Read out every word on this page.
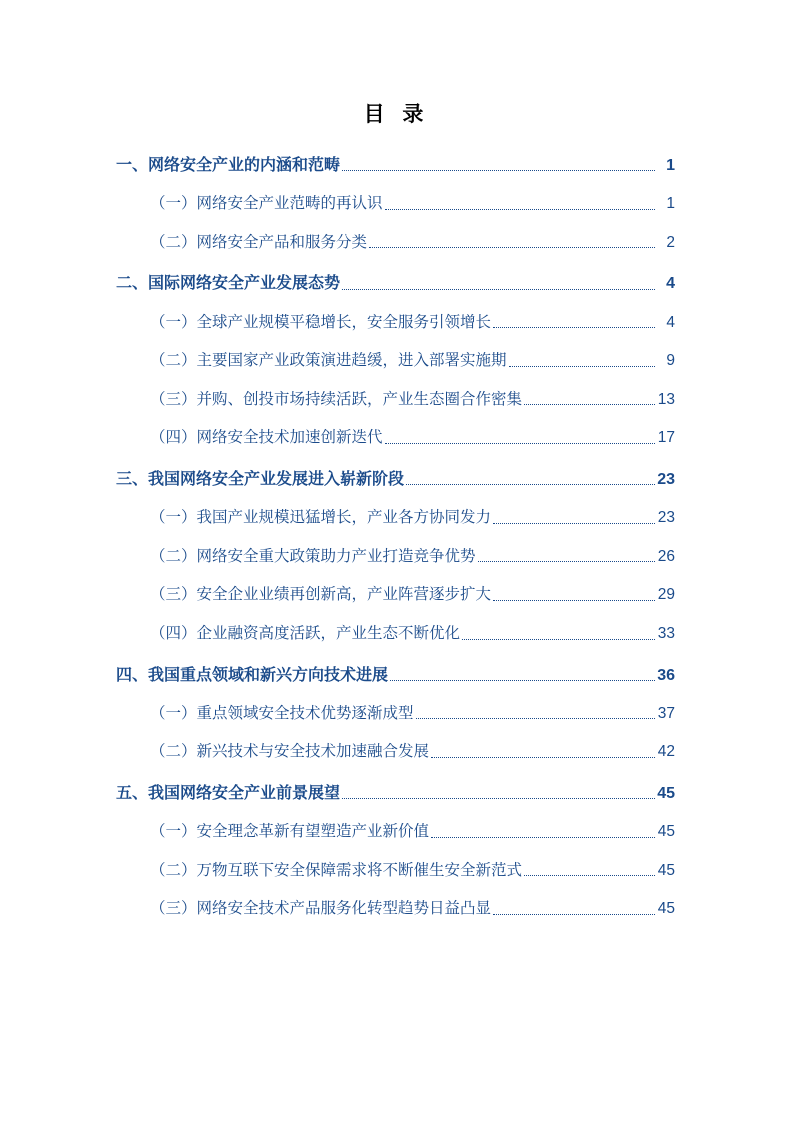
目 录
一、网络安全产业的内涵和范畴	1
（一）网络安全产业范畴的再认识	1
（二）网络安全产品和服务分类	2
二、国际网络安全产业发展态势	4
（一）全球产业规模平稳增长，安全服务引领增长	4
（二）主要国家产业政策演进趋缓，进入部署实施期	9
（三）并购、创投市场持续活跃，产业生态圈合作密集	13
（四）网络安全技术加速创新迭代	17
三、我国网络安全产业发展进入崭新阶段	23
（一）我国产业规模迅猛增长，产业各方协同发力	23
（二）网络安全重大政策助力产业打造竞争优势	26
（三）安全企业业绩再创新高，产业阵营逐步扩大	29
（四）企业融资高度活跃，产业生态不断优化	33
四、我国重点领域和新兴方向技术进展	36
（一）重点领域安全技术优势逐渐成型	37
（二）新兴技术与安全技术加速融合发展	42
五、我国网络安全产业前景展望	45
（一）安全理念革新有望塑造产业新价值	45
（二）万物互联下安全保障需求将不断催生安全新范式	45
（三）网络安全技术产品服务化转型趋势日益凸显	45
